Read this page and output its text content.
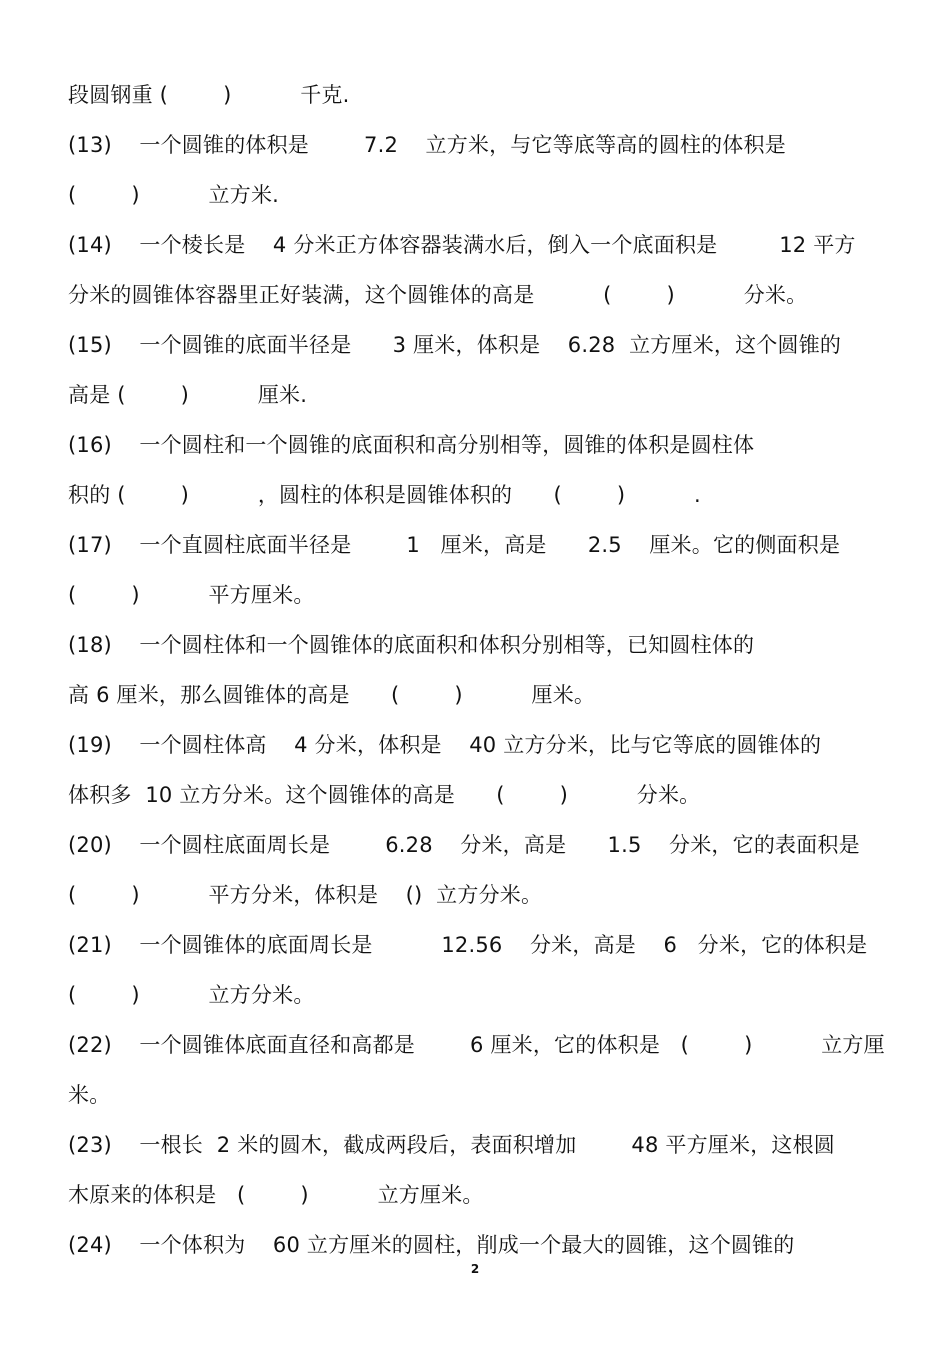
段圆钢重 (        )          千克.
(13)    一个圆锥的体积是        7.2    立方米，与它等底等高的圆柱的体积是
(        )          立方米.
(14)    一个棱长是    4 分米正方体容器装满水后，倒入一个底面积是         12 平方
分米的圆锥体容器里正好装满，这个圆锥体的高是          (        )          分米。
(15)    一个圆锥的底面半径是      3 厘米，体积是    6.28  立方厘米，这个圆锥的
高是 (        )          厘米.
(16)    一个圆柱和一个圆锥的底面积和高分别相等，圆锥的体积是圆柱体
积的 (        )          ，圆柱的体积是圆锥体积的      (        )          .
(17)    一个直圆柱底面半径是        1   厘米，高是      2.5    厘米。它的侧面积是
(        )          平方厘米。
(18)    一个圆柱体和一个圆锥体的底面积和体积分别相等，已知圆柱体的
高 6 厘米，那么圆锥体的高是      (        )          厘米。
(19)    一个圆柱体高    4 分米，体积是    40 立方分米，比与它等底的圆锥体的
体积多  10 立方分米。这个圆锥体的高是      (        )          分米。
(20)    一个圆柱底面周长是        6.28    分米，高是      1.5    分米，它的表面积是
(        )          平方分米，体积是    ()  立方分米。
(21)    一个圆锥体的底面周长是          12.56    分米，高是    6   分米，它的体积是
(        )          立方分米。
(22)    一个圆锥体底面直径和高都是        6 厘米，它的体积是   (        )          立方厘
米。
(23)    一根长  2 米的圆木，截成两段后，表面积增加        48 平方厘米，这根圆
木原来的体积是   (        )          立方厘米。
(24)    一个体积为    60 立方厘米的圆柱，削成一个最大的圆锥，这个圆锥的
2
